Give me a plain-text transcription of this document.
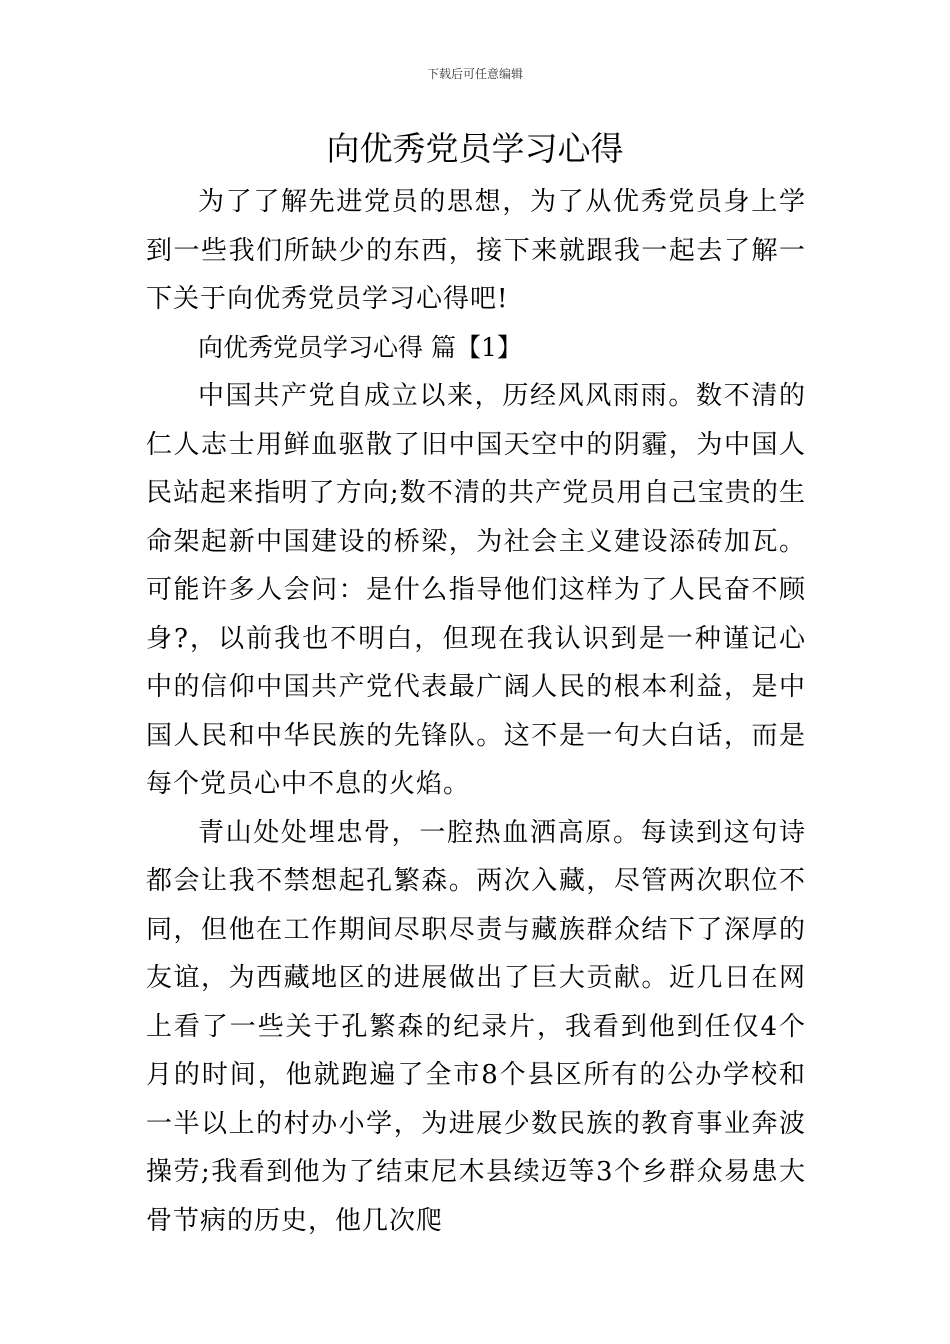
下载后可任意编辑
向优秀党员学习心得

为了了解先进党员的思想，为了从优秀党员身上学到一些我们所缺少的东西，接下来就跟我一起去了解一下关于向优秀党员学习心得吧!

向优秀党员学习心得 篇【1】

中国共产党自成立以来，历经风风雨雨。数不清的仁人志士用鲜血驱散了旧中国天空中的阴霾，为中国人民站起来指明了方向;数不清的共产党员用自己宝贵的生命架起新中国建设的桥梁，为社会主义建设添砖加瓦。可能许多人会问：是什么指导他们这样为了人民奋不顾身?，以前我也不明白，但现在我认识到是一种谨记心中的信仰中国共产党代表最广阔人民的根本利益，是中国人民和中华民族的先锋队。这不是一句大白话，而是每个党员心中不息的火焰。

青山处处埋忠骨，一腔热血洒高原。每读到这句诗都会让我不禁想起孔繁森。两次入藏，尽管两次职位不同，但他在工作期间尽职尽责与藏族群众结下了深厚的友谊，为西藏地区的进展做出了巨大贡献。近几日在网上看了一些关于孔繁森的纪录片，我看到他到任仅4个月的时间，他就跑遍了全市8个县区所有的公办学校和一半以上的村办小学，为进展少数民族的教育事业奔波操劳;我看到他为了结束尼木县续迈等3个乡群众易患大骨节病的历史，他几次爬
